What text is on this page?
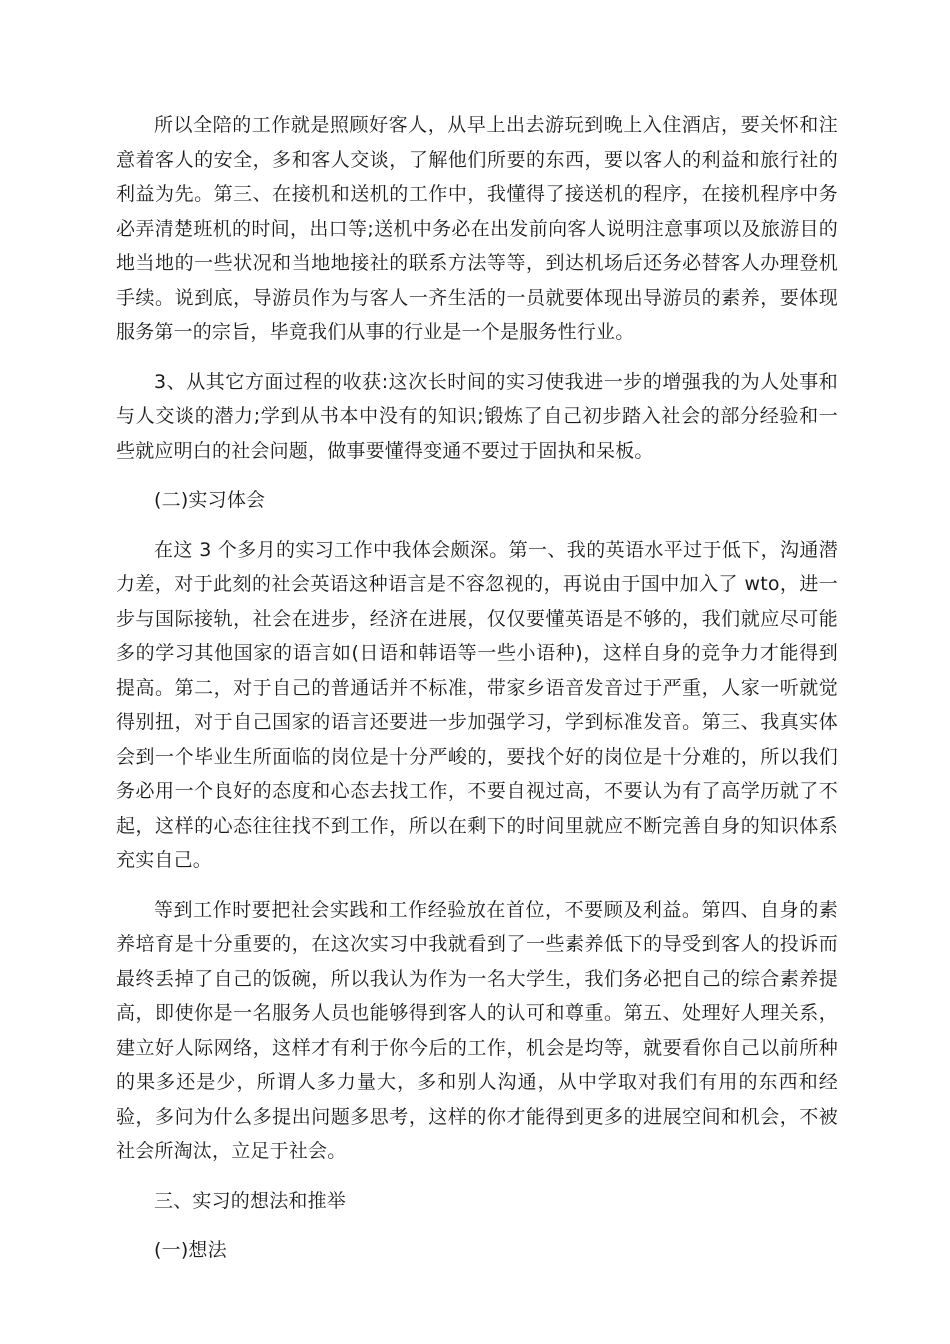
所以全陪的工作就是照顾好客人，从早上出去游玩到晚上入住酒店，要关怀和注意着客人的安全，多和客人交谈，了解他们所要的东西，要以客人的利益和旅行社的利益为先。第三、在接机和送机的工作中，我懂得了接送机的程序，在接机程序中务必弄清楚班机的时间，出口等;送机中务必在出发前向客人说明注意事项以及旅游目的地当地的一些状况和当地地接社的联系方法等等，到达机场后还务必替客人办理登机手续。说到底，导游员作为与客人一齐生活的一员就要体现出导游员的素养，要体现服务第一的宗旨，毕竟我们从事的行业是一个是服务性行业。

3、从其它方面过程的收获:这次长时间的实习使我进一步的增强我的为人处事和与人交谈的潜力;学到从书本中没有的知识;锻炼了自己初步踏入社会的部分经验和一些就应明白的社会问题，做事要懂得变通不要过于固执和呆板。

(二)实习体会

在这 3 个多月的实习工作中我体会颇深。第一、我的英语水平过于低下，沟通潜力差，对于此刻的社会英语这种语言是不容忽视的，再说由于国中加入了 wto，进一步与国际接轨，社会在进步，经济在进展，仅仅要懂英语是不够的，我们就应尽可能多的学习其他国家的语言如(日语和韩语等一些小语种)，这样自身的竞争力才能得到提高。第二，对于自己的普通话并不标准，带家乡语音发音过于严重，人家一听就觉得别扭，对于自己国家的语言还要进一步加强学习，学到标准发音。第三、我真实体会到一个毕业生所面临的岗位是十分严峻的，要找个好的岗位是十分难的，所以我们务必用一个良好的态度和心态去找工作，不要自视过高，不要认为有了高学历就了不起，这样的心态往往找不到工作，所以在剩下的时间里就应不断完善自身的知识体系充实自己。

等到工作时要把社会实践和工作经验放在首位，不要顾及利益。第四、自身的素养培育是十分重要的，在这次实习中我就看到了一些素养低下的导受到客人的投诉而最终丢掉了自己的饭碗，所以我认为作为一名大学生，我们务必把自己的综合素养提高，即使你是一名服务人员也能够得到客人的认可和尊重。第五、处理好人理关系，建立好人际网络，这样才有利于你今后的工作，机会是均等，就要看你自己以前所种的果多还是少，所谓人多力量大，多和别人沟通，从中学取对我们有用的东西和经验，多问为什么多提出问题多思考，这样的你才能得到更多的进展空间和机会，不被社会所淘汰，立足于社会。

三、实习的想法和推举

(一)想法
